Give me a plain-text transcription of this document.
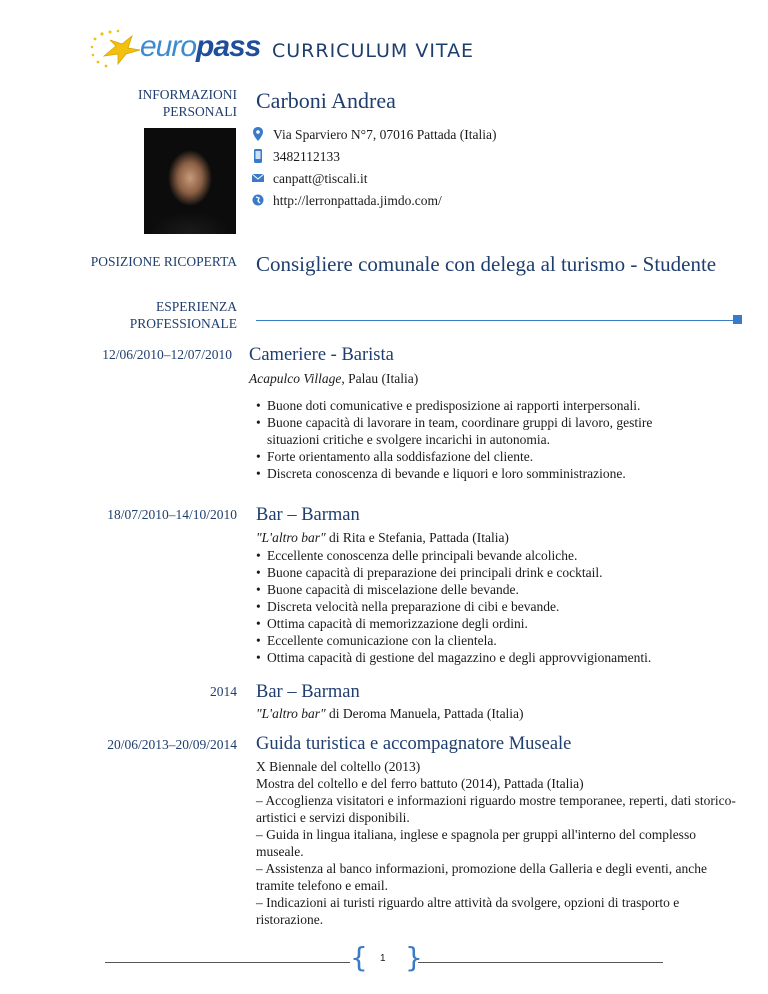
europass CURRICULUM VITAE
INFORMAZIONI
PERSONALI Carboni Andrea
Via Sparviero N°7, 07016 Pattada (Italia)
3482112133
canpatt@tiscali.it
http://lerronpattada.jimdo.com/
POSIZIONE RICOPERTA Consigliere comunale con delega al turismo - Studente
ESPERIENZA
PROFESSIONALE
12/06/2010–12/07/2010 Cameriere - Barista
Acapulco Village, Palau (Italia)
• Buone doti comunicative e predisposizione ai rapporti interpersonali.
• Buone capacità di lavorare in team, coordinare gruppi di lavoro, gestire situazioni critiche e svolgere incarichi in autonomia.
• Forte orientamento alla soddisfazione del cliente.
• Discreta conoscenza di bevande e liquori e loro somministrazione.
18/07/2010–14/10/2010 Bar – Barman
"L'altro bar" di Rita e Stefania, Pattada (Italia)
• Eccellente conoscenza delle principali bevande alcoliche.
• Buone capacità di preparazione dei principali drink e cocktail.
• Buone capacità di miscelazione delle bevande.
• Discreta velocità nella preparazione di cibi e bevande.
• Ottima capacità di memorizzazione degli ordini.
• Eccellente comunicazione con la clientela.
• Ottima capacità di gestione del magazzino e degli approvvigionamenti.
2014 Bar – Barman
"L'altro bar" di Deroma Manuela, Pattada (Italia)
20/06/2013–20/09/2014 Guida turistica e accompagnatore Museale
X Biennale del coltello (2013)
Mostra del coltello e del ferro battuto (2014), Pattada (Italia)
– Accoglienza visitatori e informazioni riguardo mostre temporanee, reperti, dati storico-artistici e servizi disponibili.
– Guida in lingua italiana, inglese e spagnola per gruppi all'interno del complesso museale.
– Assistenza al banco informazioni, promozione della Galleria e degli eventi, anche tramite telefono e email.
– Indicazioni ai turisti riguardo altre attività da svolgere, opzioni di trasporto e ristorazione.
{ }
1
